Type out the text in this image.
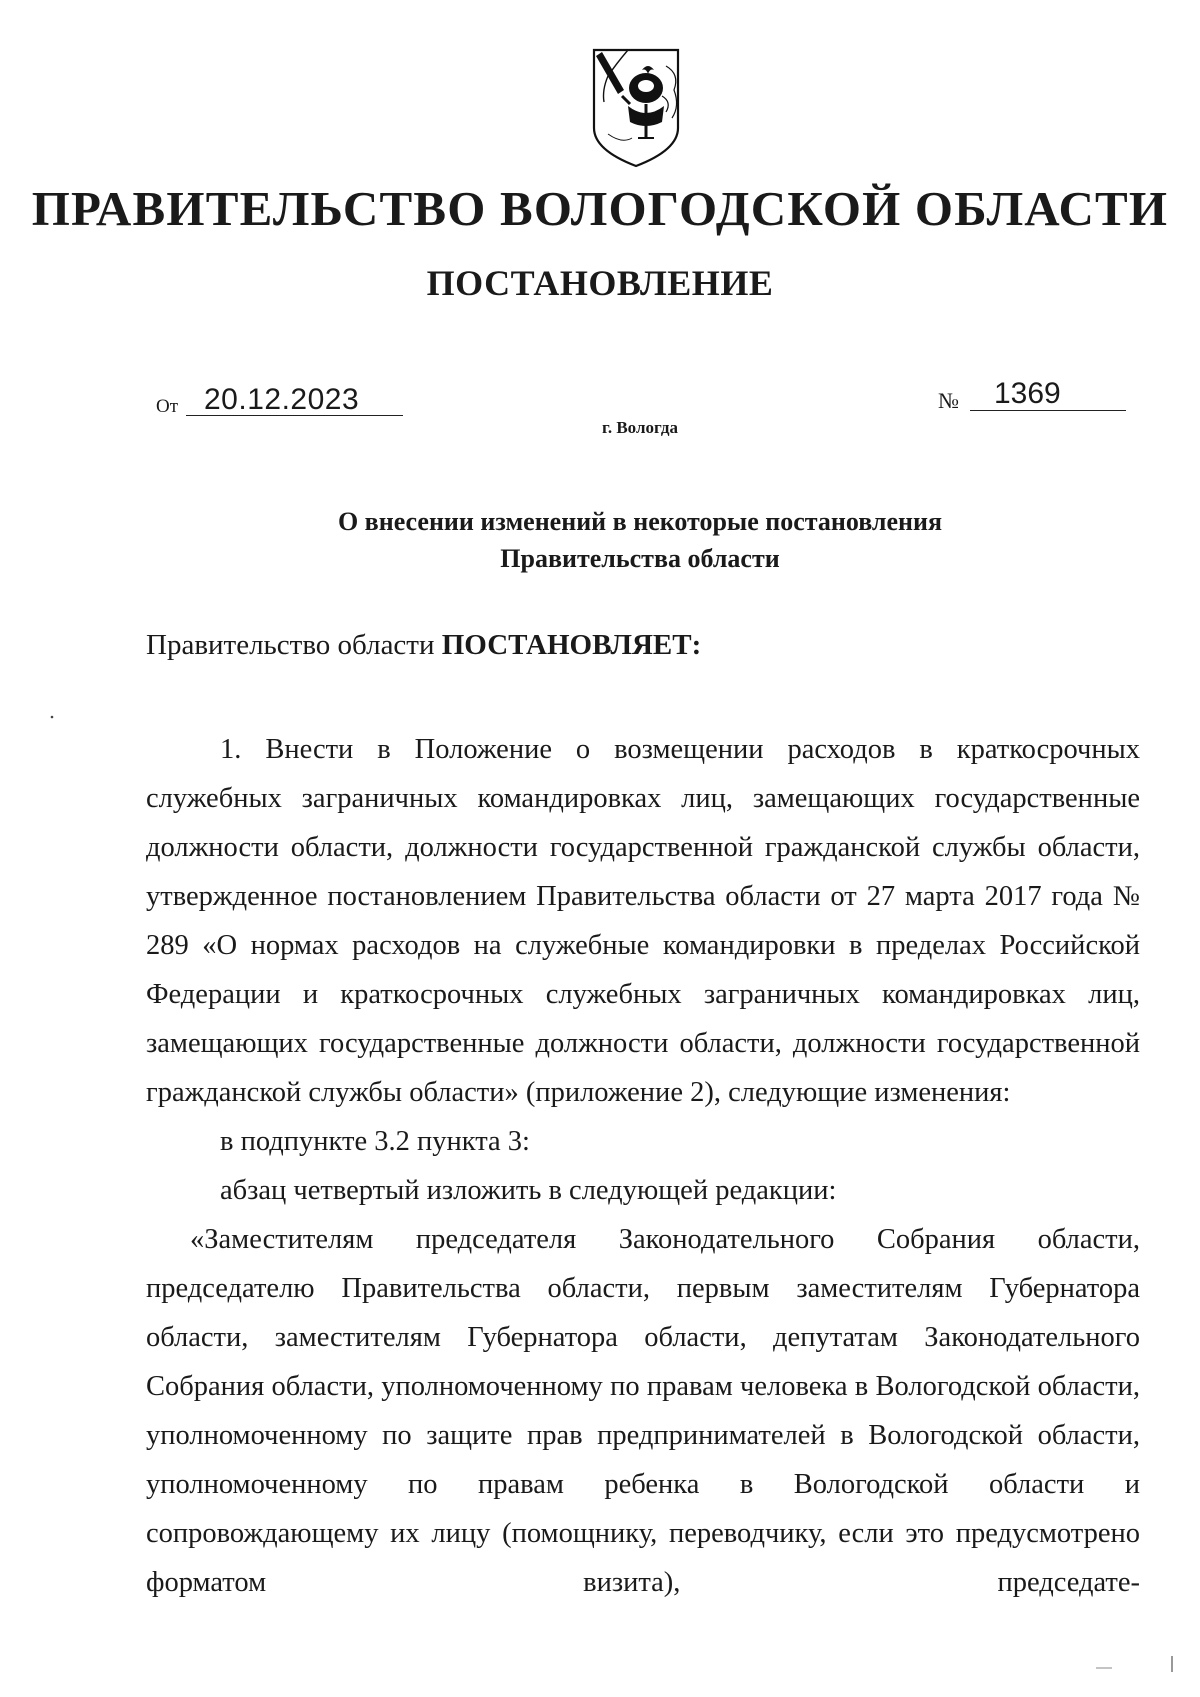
ПРАВИТЕЛЬСТВО ВОЛОГОДСКОЙ ОБЛАСТИ
ПОСТАНОВЛЕНИЕ
От 20.12.2023	№ 1369
г. Вологда
О внесении изменений в некоторые постановления
Правительства области
Правительство области ПОСТАНОВЛЯЕТ:

1. Внести в Положение о возмещении расходов в краткосрочных служебных заграничных командировках лиц, замещающих государственные должности области, должности государственной гражданской службы области, утвержденное постановлением Правительства области от 27 марта 2017 года № 289 «О нормах расходов на служебные командировки в пределах Российской Федерации и краткосрочных служебных заграничных командировках лиц, замещающих государственные должности области, должности государственной гражданской службы области» (приложение 2), следующие изменения:

в подпункте 3.2 пункта 3:

абзац четвертый изложить в следующей редакции:

«Заместителям председателя Законодательного Собрания области, председателю Правительства области, первым заместителям Губернатора области, заместителям Губернатора области, депутатам Законодательного Собрания области, уполномоченному по правам человека в Вологодской области, уполномоченному по защите прав предпринимателей в Вологодской области, уполномоченному по правам ребенка в Вологодской области и сопровождающему их лицу (помощнику, переводчику, если это предусмотрено форматом визита), председате-
